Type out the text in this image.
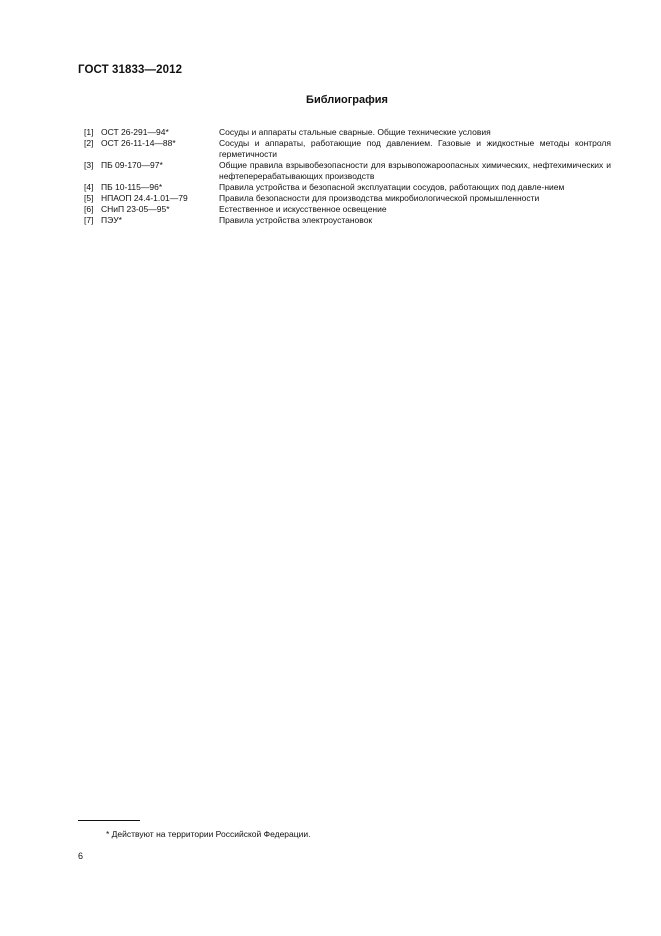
ГОСТ 31833—2012
Библиография
[1] ОСТ 26-291—94*	Сосуды и аппараты стальные сварные. Общие технические условия
[2] ОСТ 26-11-14—88*	Сосуды и аппараты, работающие под давлением. Газовые и жидкостные методы контроля герметичности
[3] ПБ 09-170—97*	Общие правила взрывобезопасности для взрывопожароопасных химических, нефтехимических и нефтеперерабатывающих производств
[4] ПБ 10-115—96*	Правила устройства и безопасной эксплуатации сосудов, работающих под давле-нием
[5] НПАОП 24.4-1.01—79	Правила безопасности для производства микробиологической промышленности
[6] СНиП 23-05—95*	Естественное и искусственное освещение
[7] ПЭУ*	Правила устройства электроустановок
* Действуют на территории Российской Федерации.
6
